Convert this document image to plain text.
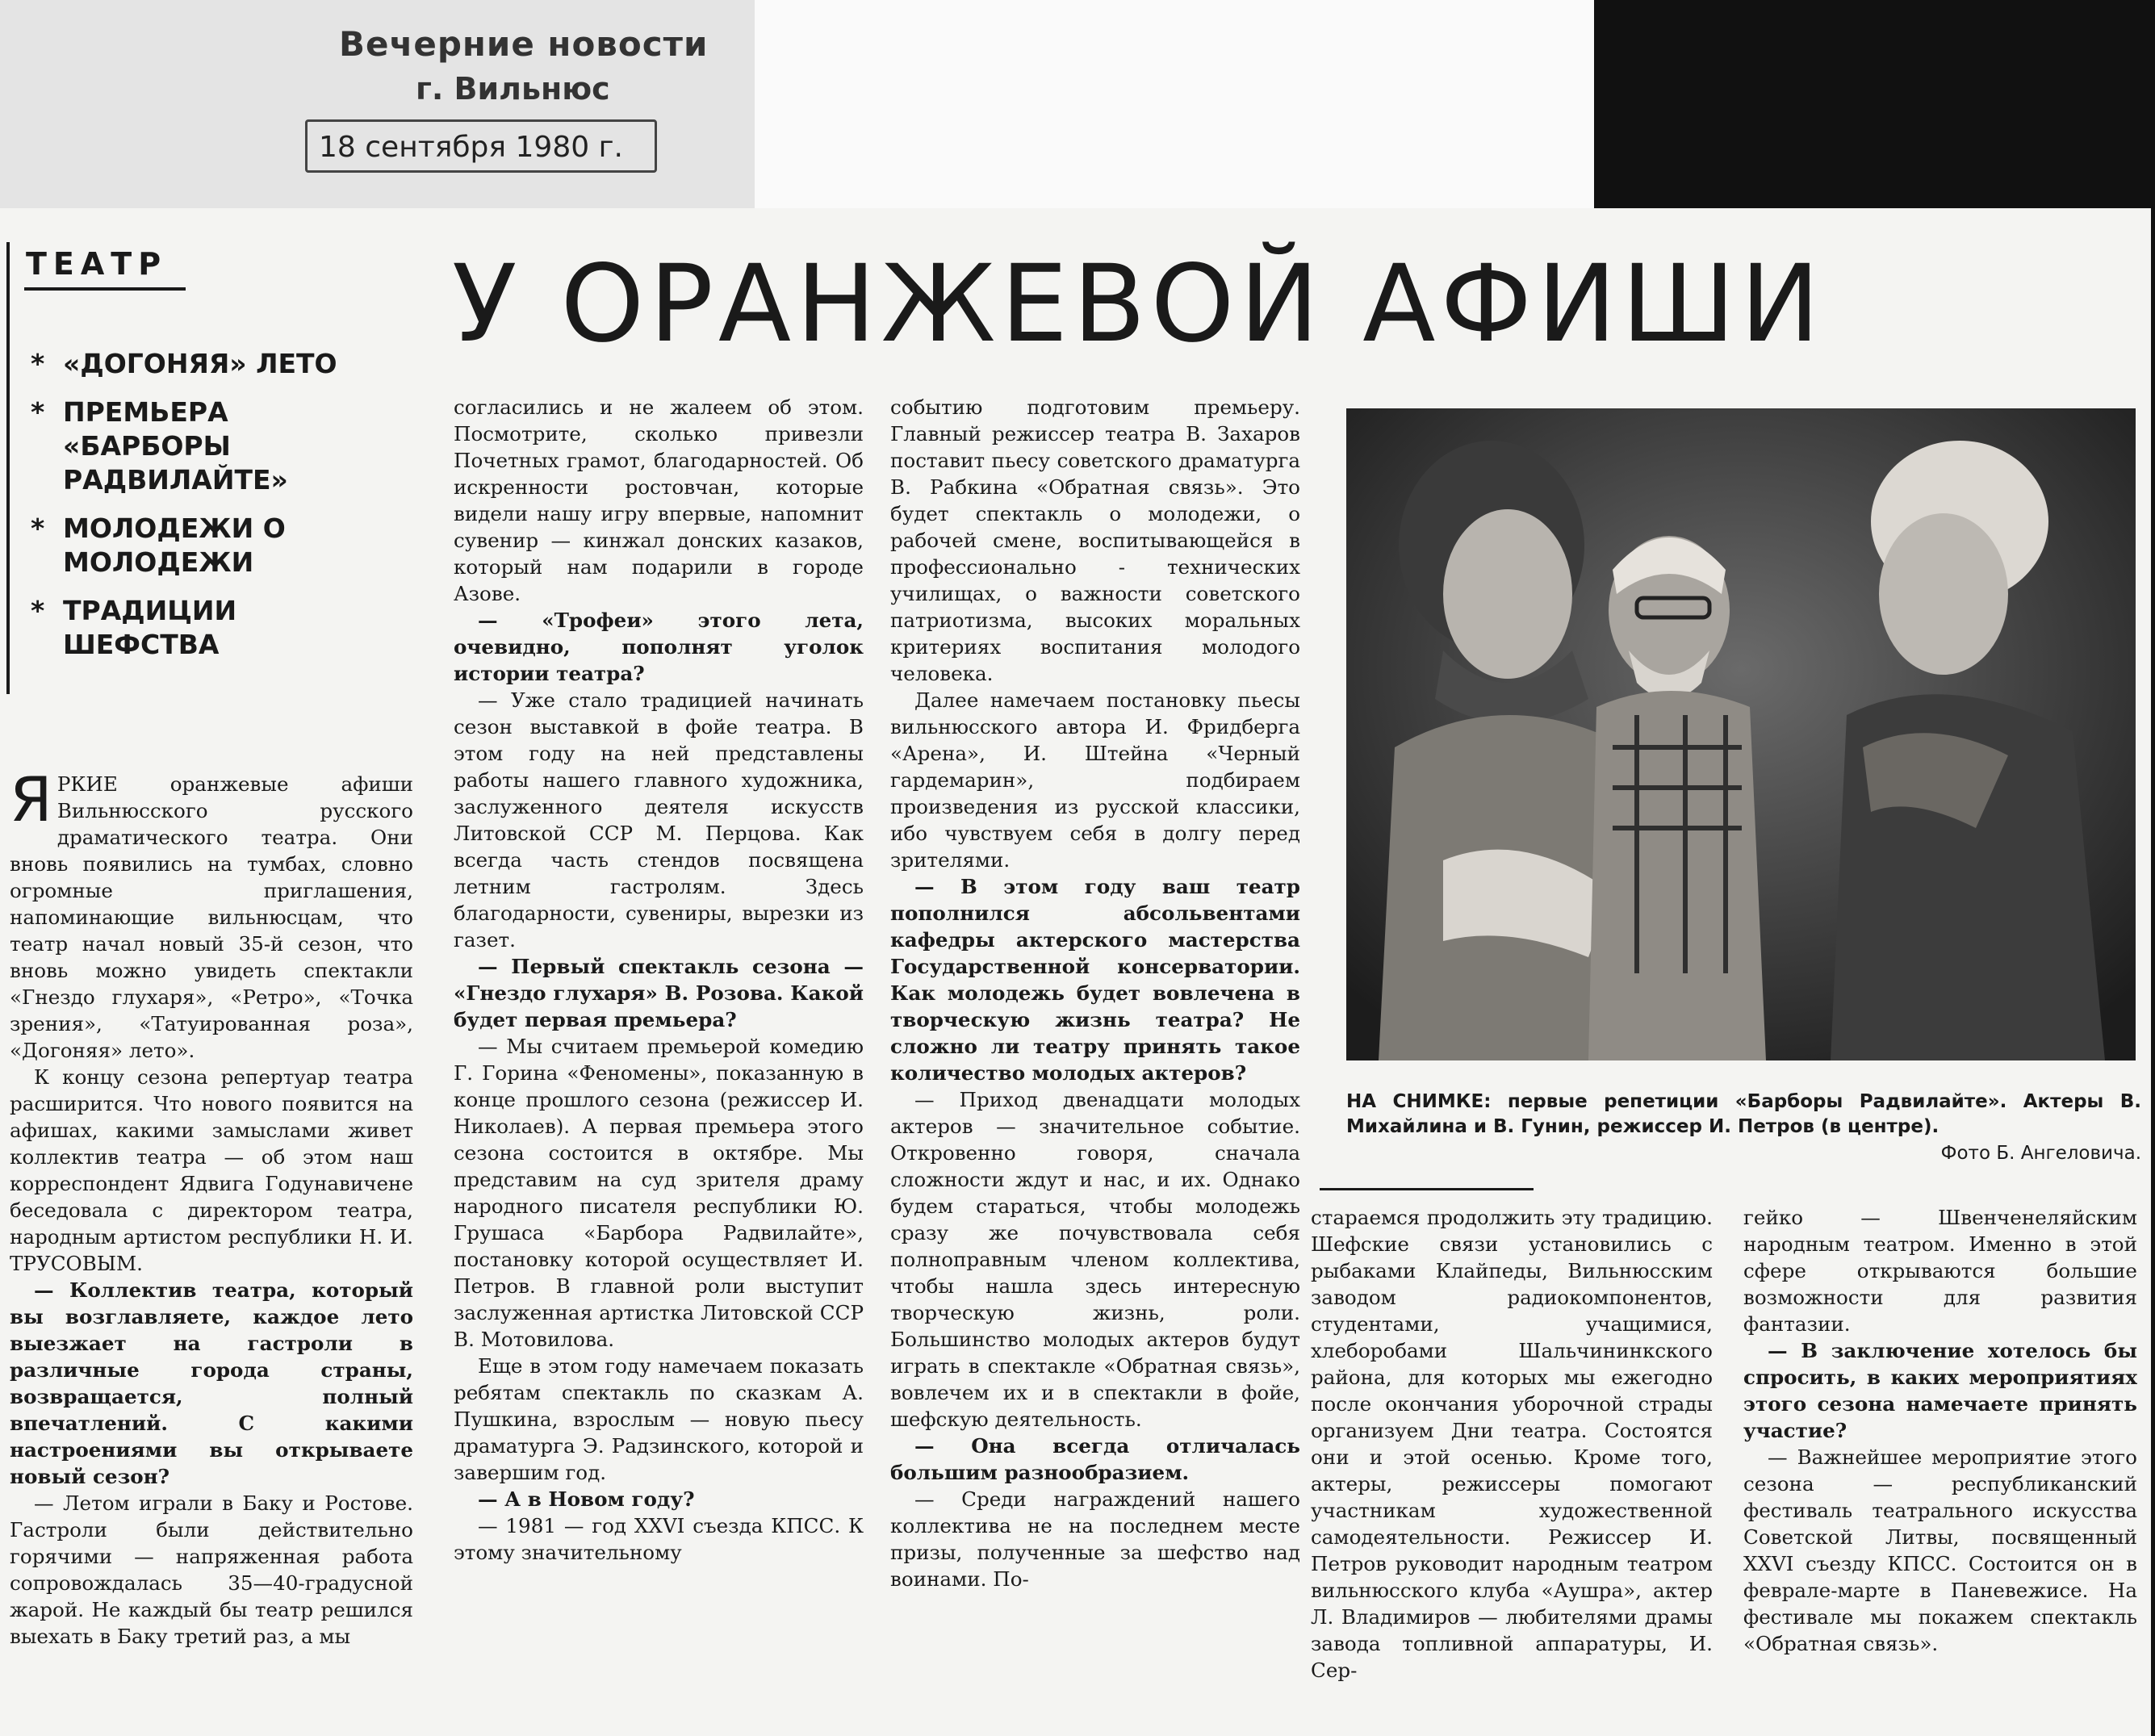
Вечерние новости
г. Вильнюс
18 сентября 1980 г.
ТЕАТР	У ОРАНЖЕВОЙ АФИШИ
* «ДОГОНЯЯ» ЛЕТО
* ПРЕМЬЕРА «БАРБОРЫ РАДВИЛАЙТЕ»
* МОЛОДЕЖИ О МОЛОДЕЖИ
* ТРАДИЦИИ ШЕФСТВА

ЯРКИЕ оранжевые афиши Вильнюсского русского драматического театра. Они вновь появились на тумбах, словно огромные приглашения, напоминающие вильнюсцам, что театр начал новый 35-й сезон, что вновь можно увидеть спектакли «Гнездо глухаря», «Ретро», «Точка зрения», «Татуированная роза», «Догоняя» лето».

К концу сезона репертуар театра расширится. Что нового появится на афишах, какими замыслами живет коллектив театра — об этом наш корреспондент Ядвига Годунавичене беседовала с директором театра, народным артистом республики Н. И. ТРУСОВЫМ.

— Коллектив театра, который вы возглавляете, каждое лето выезжает на гастроли в различные города страны, возвращается, полный впечатлений. С какими настроениями вы открываете новый сезон?

— Летом играли в Баку и Ростове. Гастроли были действительно горячими — напряженная работа сопровождалась 35—40-градусной жарой. Не каждый бы театр решился выехать в Баку третий раз, а мы

согласились и не жалеем об этом. Посмотрите, сколько привезли Почетных грамот, благодарностей. Об искренности ростовчан, которые видели нашу игру впервые, напомнит сувенир — кинжал донских казаков, который нам подарили в городе Азове.

— «Трофеи» этого лета, очевидно, пополнят уголок истории театра?

— Уже стало традицией начинать сезон выставкой в фойе театра. В этом году на ней представлены работы нашего главного художника, заслуженного деятеля искусств Литовской ССР М. Перцова. Как всегда часть стендов посвящена летним гастролям. Здесь благодарности, сувениры, вырезки из газет.

— Первый спектакль сезона — «Гнездо глухаря» В. Розова. Какой будет первая премьера?

— Мы считаем премьерой комедию Г. Горина «Феномены», показанную в конце прошлого сезона (режиссер И. Николаев). А первая премьера этого сезона состоится в октябре. Мы представим на суд зрителя драму народного писателя республики Ю. Грушаса «Барбора Радвилайте», постановку которой осуществляет И. Петров. В главной роли выступит заслуженная артистка Литовской ССР В. Мотовилова.

Еще в этом году намечаем показать ребятам спектакль по сказкам А. Пушкина, взрослым — новую пьесу драматурга Э. Радзинского, которой и завершим год.

— А в Новом году?

— 1981 — год XXVI съезда КПСС. К этому значительному

событию подготовим премьеру. Главный режиссер театра В. Захаров поставит пьесу советского драматурга В. Рабкина «Обратная связь». Это будет спектакль о молодежи, о рабочей смене, воспитывающейся в профессионально - технических училищах, о важности советского патриотизма, высоких моральных критериях воспитания молодого человека.

Далее намечаем постановку пьесы вильнюсского автора И. Фридберга «Арена», И. Штейна «Черный гардемарин», подбираем произведения из русской классики, ибо чувствуем себя в долгу перед зрителями.

— В этом году ваш театр пополнился абсольвентами кафедры актерского мастерства Государственной консерватории. Как молодежь будет вовлечена в творческую жизнь театра? Не сложно ли театру принять такое количество молодых актеров?

— Приход двенадцати молодых актеров — значительное событие. Откровенно говоря, сначала сложности ждут и нас, и их. Однако будем стараться, чтобы молодежь сразу же почувствовала себя полноправным членом коллектива, чтобы нашла здесь интересную творческую жизнь, роли. Большинство молодых актеров будут играть в спектакле «Обратная связь», вовлечем их и в спектакли в фойе, шефскую деятельность.

— Она всегда отличалась большим разнообразием.

— Среди награждений нашего коллектива не на последнем месте призы, полученные за шефство над воинами. По-

НА СНИМКЕ: первые репетиции «Барборы Радвилайте». Актеры В. Михайлина и В. Гунин, режиссер И. Петров (в центре).
Фото Б. Ангеловича.

стараемся продолжить эту традицию. Шефские связи установились с рыбаками Клайпеды, Вильнюсским заводом радиокомпонентов, студентами, учащимися, хлеборобами Шальчининкского района, для которых мы ежегодно после окончания уборочной страды организуем Дни театра. Состоятся они и этой осенью. Кроме того, актеры, режиссеры помогают участникам художественной самодеятельности. Режиссер И. Петров руководит народным театром вильнюсского клуба «Аушра», актер Л. Владимиров — любителями драмы завода топливной аппаратуры, И. Сер-

гейко — Швенченеляйским народным театром. Именно в этой сфере открываются большие возможности для развития фантазии.

— В заключение хотелось бы спросить, в каких мероприятиях этого сезона намечаете принять участие?

— Важнейшее мероприятие этого сезона — республиканский фестиваль театрального искусства Советской Литвы, посвященный XXVI съезду КПСС. Состоится он в феврале-марте в Паневежисе. На фестивале мы покажем спектакль «Обратная связь».
